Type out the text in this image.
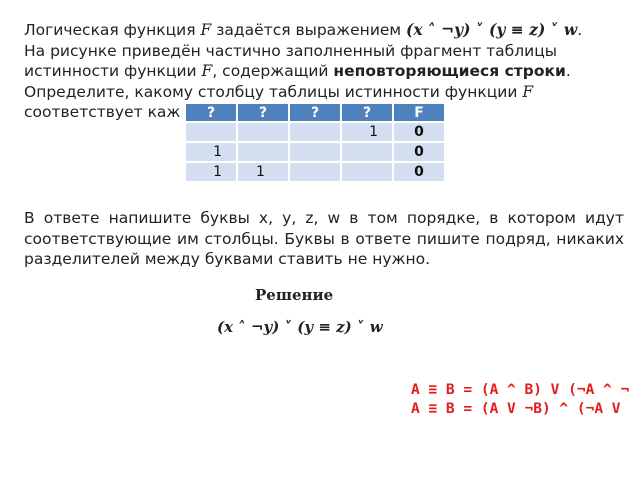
Логическая функция F задаётся выражением (x ˄ ¬y) ˅ (y ≡ z) ˅ w.
На рисунке приведён частично заполненный фрагмент таблицы
истинности функции F, содержащий неповторяющиеся строки.
Определите, какому столбцу таблицы истинности функции F
соответствует каж	?	?	?	?	F
			1	0
1				0
1	1			0
В ответе напишите буквы x, y, z, w в том порядке, в котором идут соответствующие им столбцы. Буквы в ответе пишите подряд, никаких разделителей между буквами ставить не нужно.
Решение
(x ˄ ¬y) ˅ (y ≡ z) ˅ w
A ≡ B = (A ^ B) V (¬A ^ ¬
A ≡ B = (A V ¬B) ^ (¬A V
